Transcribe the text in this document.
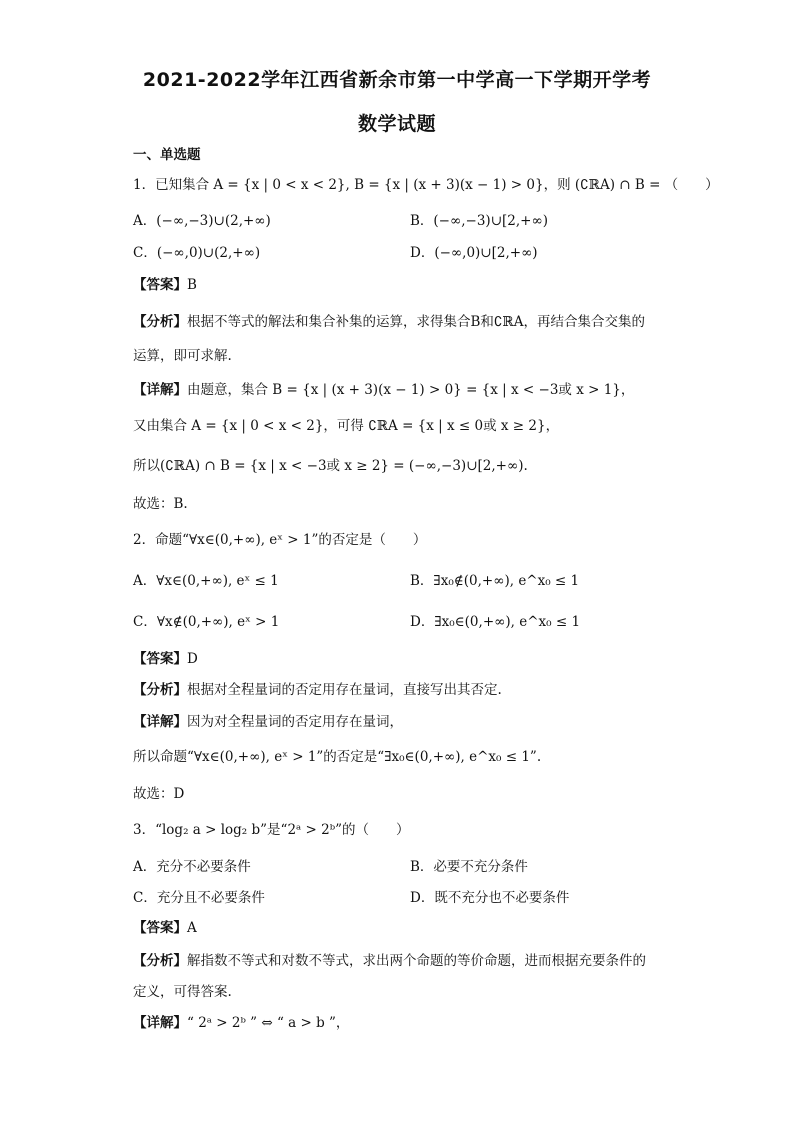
2021-2022学年江西省新余市第一中学高一下学期开学考
数学试题
一、单选题
1．已知集合 A = {x | 0 < x < 2}, B = {x | (x + 3)(x − 1) > 0}，则 (∁ℝA) ∩ B = （　　）
A．(−∞,−3)∪(2,+∞)	B．(−∞,−3)∪[2,+∞)
C．(−∞,0)∪(2,+∞)	D．(−∞,0)∪[2,+∞)
【答案】B
【分析】根据不等式的解法和集合补集的运算，求得集合B和∁ℝA，再结合集合交集的
运算，即可求解.
【详解】由题意，集合 B = {x | (x + 3)(x − 1) > 0} = {x | x < −3或 x > 1}，
又由集合 A = {x | 0 < x < 2}，可得 ∁ℝA = {x | x ≤ 0或 x ≥ 2}，
所以(∁ℝA) ∩ B = {x | x < −3或 x ≥ 2} = (−∞,−3)∪[2,+∞).
故选：B.
2．命题“∀x∈(0,+∞), eˣ > 1”的否定是（　　）
A．∀x∈(0,+∞), eˣ ≤ 1	B．∃x₀∉(0,+∞), e^x₀ ≤ 1
C．∀x∉(0,+∞), eˣ > 1	D．∃x₀∈(0,+∞), e^x₀ ≤ 1
【答案】D
【分析】根据对全程量词的否定用存在量词，直接写出其否定.
【详解】因为对全程量词的否定用存在量词，
所以命题“∀x∈(0,+∞), eˣ > 1”的否定是“∃x₀∈(0,+∞), e^x₀ ≤ 1”.
故选：D
3．“log₂ a > log₂ b”是“2ᵃ > 2ᵇ”的（　　）
A．充分不必要条件	B．必要不充分条件
C．充分且不必要条件	D．既不充分也不必要条件
【答案】A
【分析】解指数不等式和对数不等式，求出两个命题的等价命题，进而根据充要条件的
定义，可得答案.
【详解】“ 2ᵃ > 2ᵇ ” ⇔ “ a > b ”，
